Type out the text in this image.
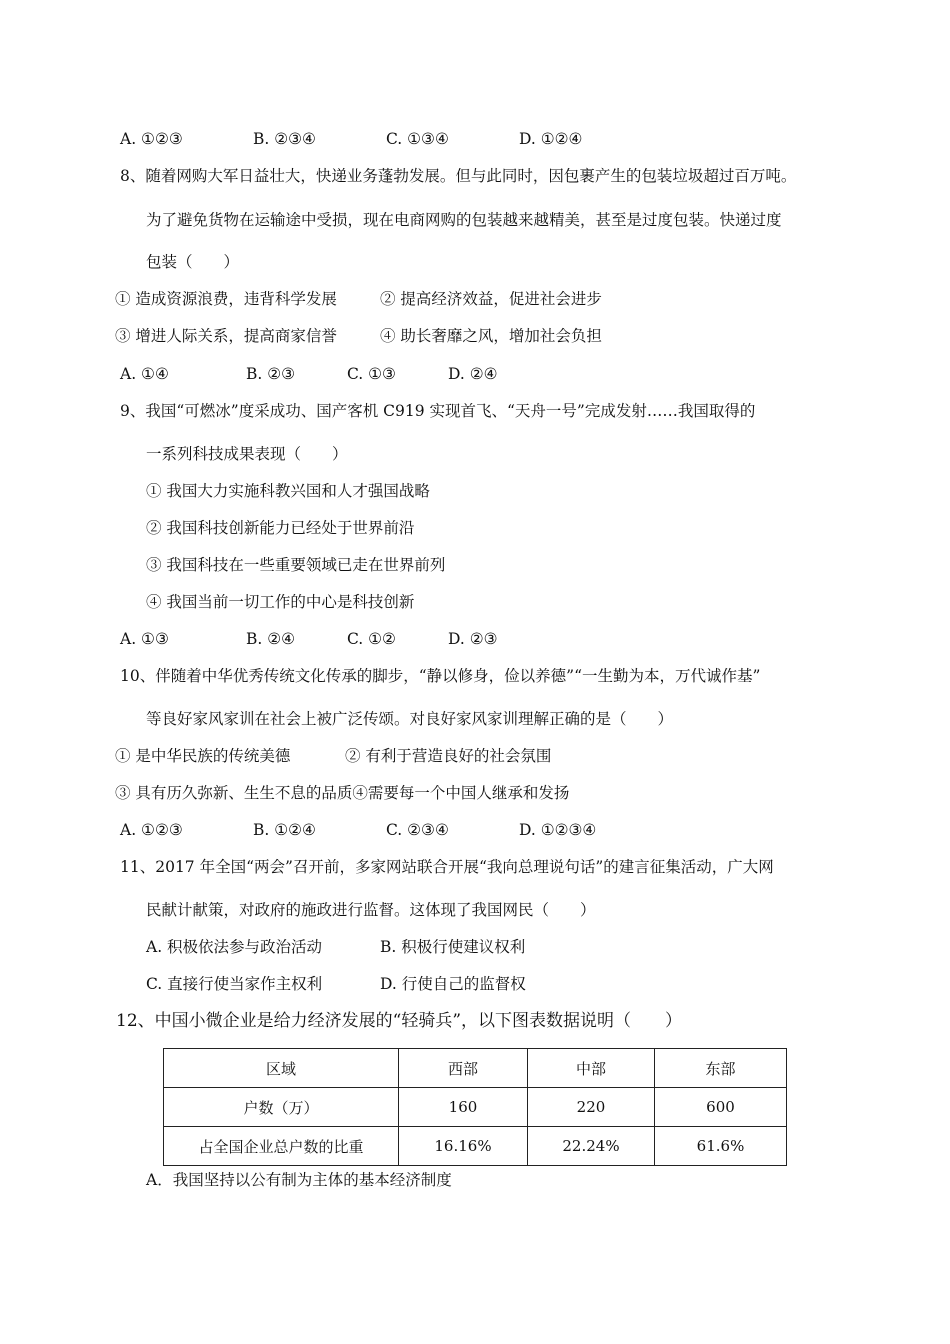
A. ①②③	B. ②③④	C. ①③④	D. ①②④
8、随着网购大军日益壮大，快递业务蓬勃发展。但与此同时，因包裹产生的包装垃圾超过百万吨。
为了避免货物在运输途中受损，现在电商网购的包装越来越精美，甚至是过度包装。快递过度
包装（　　）
① 造成资源浪费，违背科学发展	② 提高经济效益，促进社会进步
③ 增进人际关系，提高商家信誉	④ 助长奢靡之风，增加社会负担
A. ①④	B. ②③	C. ①③	D. ②④
9、我国“可燃冰”度采成功、国产客机 C919 实现首飞、“天舟一号”完成发射……我国取得的
一系列科技成果表现（　　）
① 我国大力实施科教兴国和人才强国战略
② 我国科技创新能力已经处于世界前沿
③ 我国科技在一些重要领域已走在世界前列
④ 我国当前一切工作的中心是科技创新
A. ①③	B. ②④	C. ①②	D. ②③
10、伴随着中华优秀传统文化传承的脚步，“静以修身，俭以养德”“一生勤为本，万代诚作基”
等良好家风家训在社会上被广泛传颂。对良好家风家训理解正确的是（　　）
① 是中华民族的传统美德	② 有利于营造良好的社会氛围
③ 具有历久弥新、生生不息的品质④需要每一个中国人继承和发扬
A. ①②③	B. ①②④	C. ②③④	D. ①②③④
11、2017 年全国“两会”召开前，多家网站联合开展“我向总理说句话”的建言征集活动，广大网
民献计献策，对政府的施政进行监督。这体现了我国网民（　　）
A. 积极依法参与政治活动	B. 积极行使建议权利
C. 直接行使当家作主权利	D. 行使自己的监督权
12、中国小微企业是给力经济发展的“轻骑兵”，以下图表数据说明（　　）
区域	西部	中部	东部
户数（万）	160	220	600
占全国企业总户数的比重	16.16%	22.24%	61.6%
A．我国坚持以公有制为主体的基本经济制度
